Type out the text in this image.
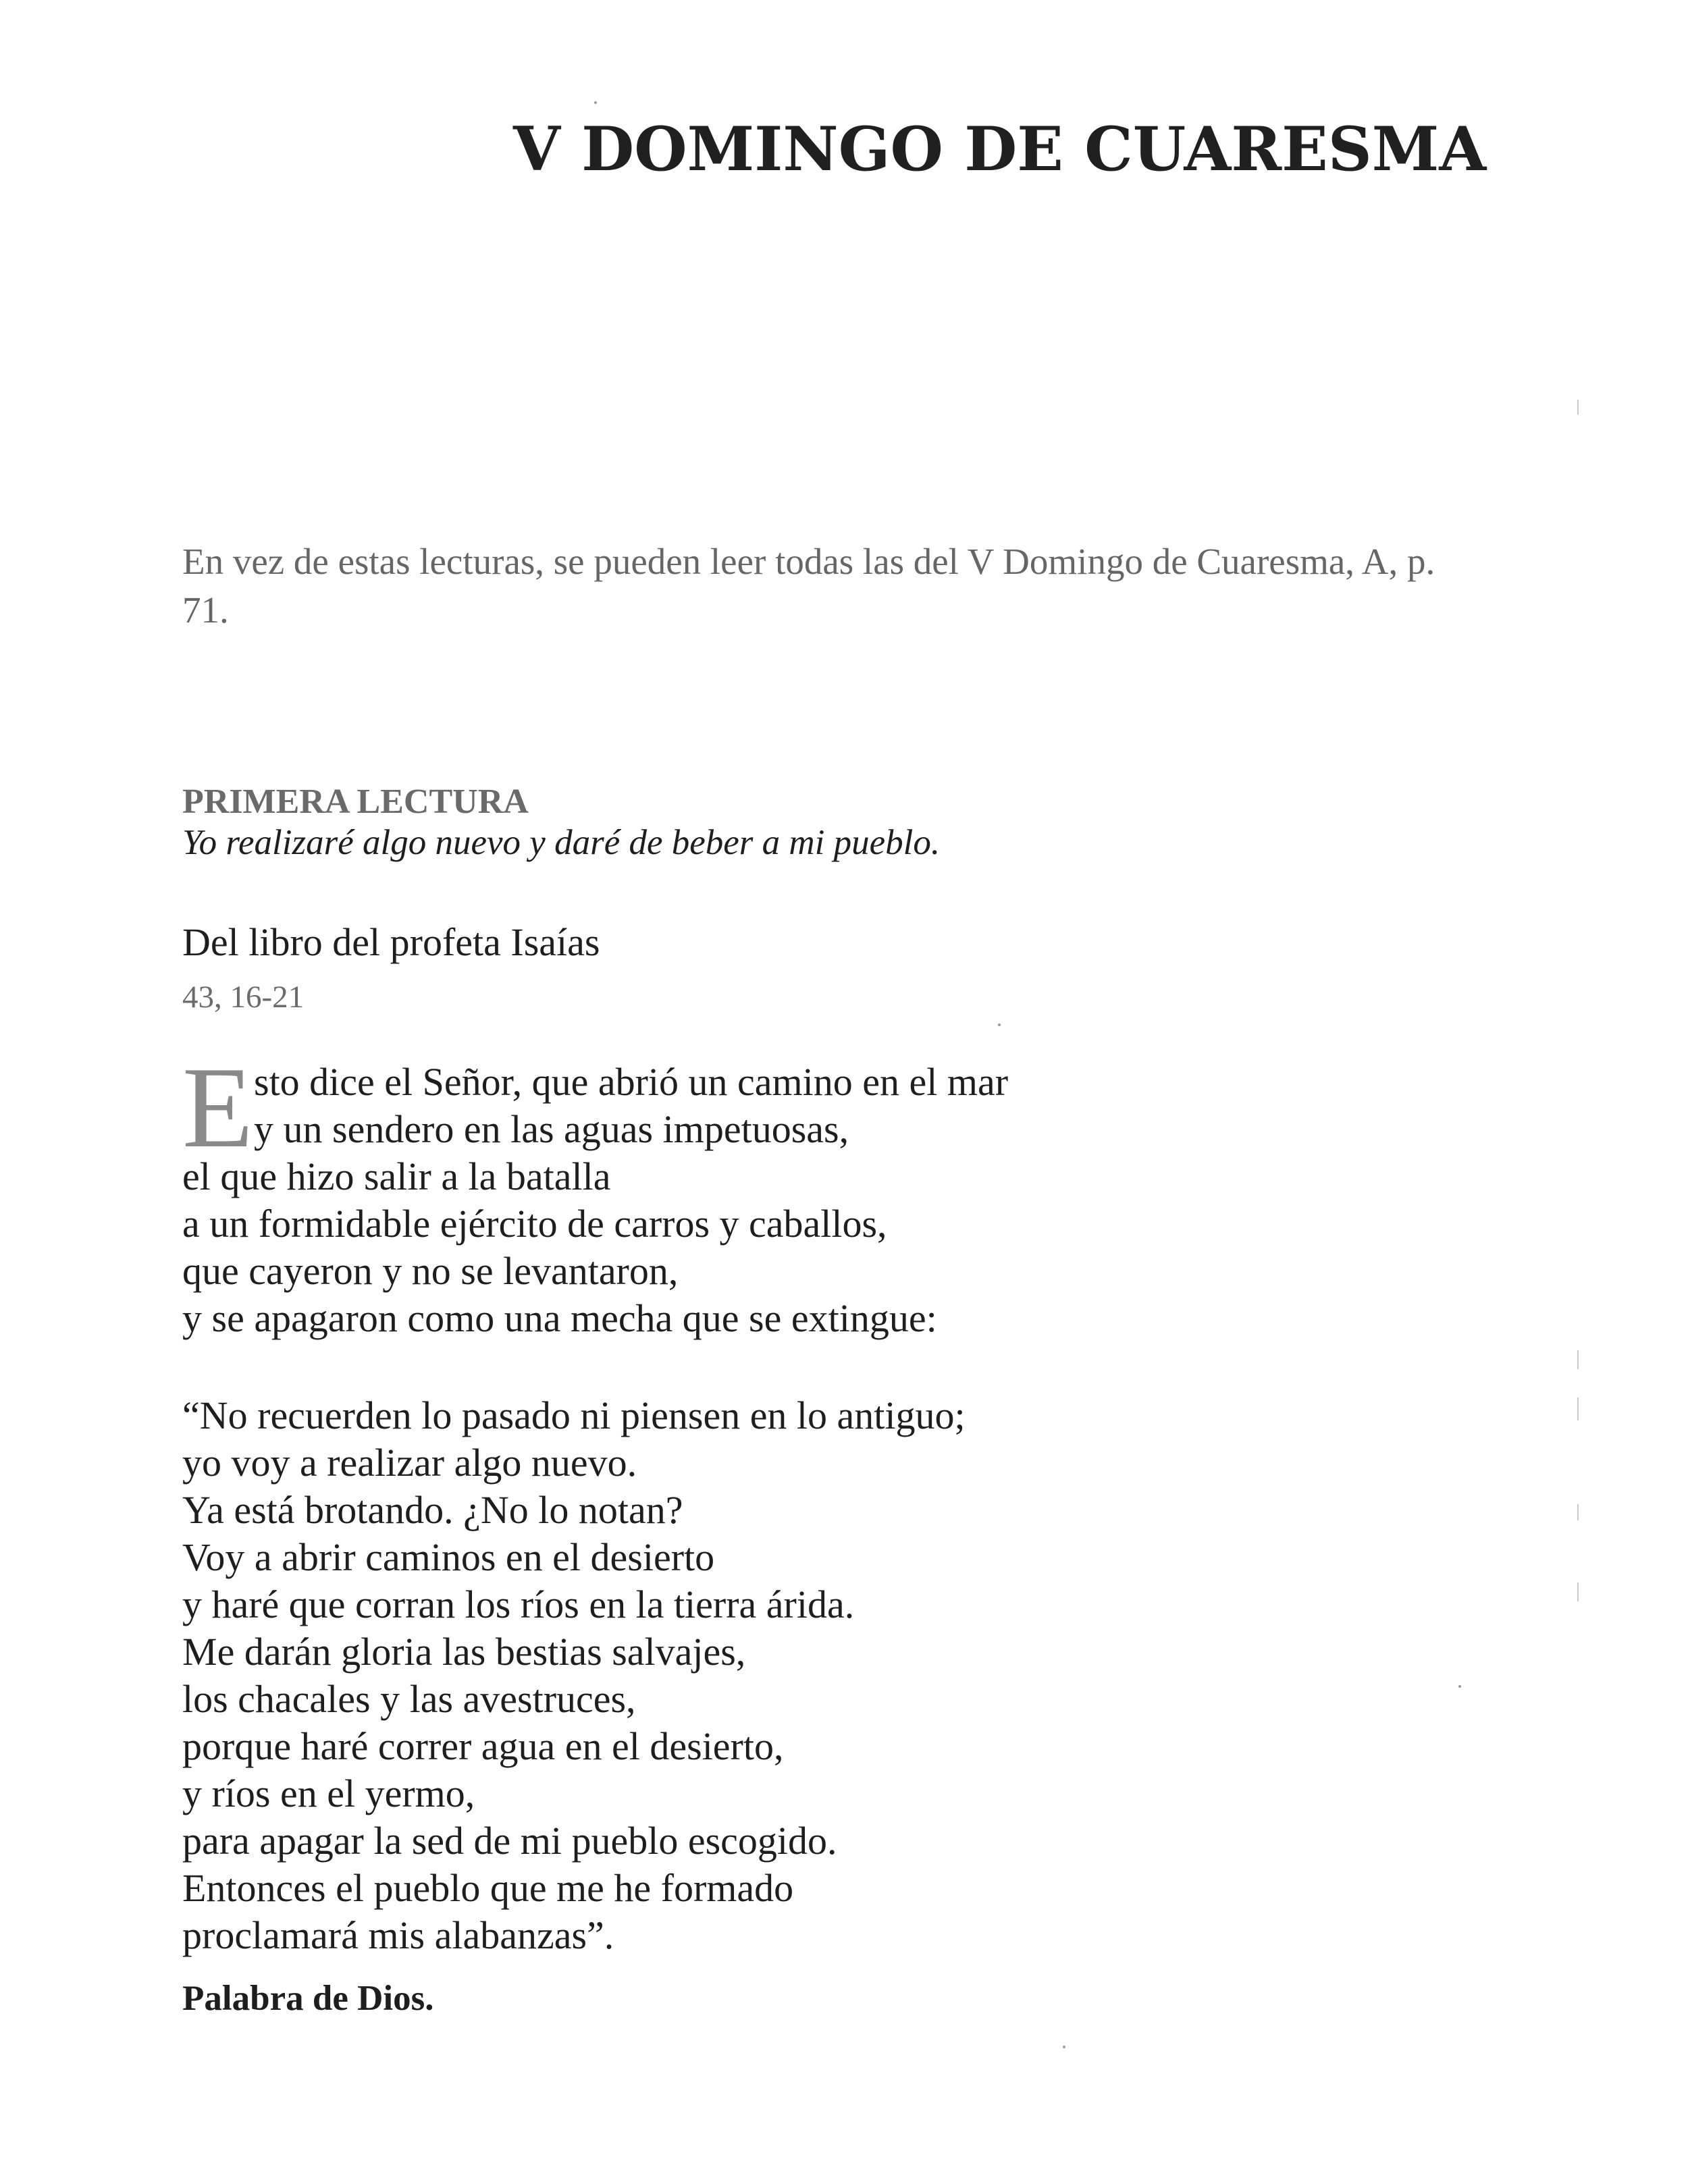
V DOMINGO DE CUARESMA

En vez de estas lecturas, se pueden leer todas las del V Domingo de Cuaresma, A, p. 71.

PRIMERA LECTURA

Yo realizaré algo nuevo y daré de beber a mi pueblo.

Del libro del profeta Isaías

43, 16-21

E sto dice el Señor, que abrió un camino en el mar
y un sendero en las aguas impetuosas,
el que hizo salir a la batalla
a un formidable ejército de carros y caballos,
que cayeron y no se levantaron,
y se apagaron como una mecha que se extingue:
“No recuerden lo pasado ni piensen en lo antiguo;
yo voy a realizar algo nuevo.
Ya está brotando. ¿No lo notan?
Voy a abrir caminos en el desierto
y haré que corran los ríos en la tierra árida.
Me darán gloria las bestias salvajes,
los chacales y las avestruces,
porque haré correr agua en el desierto,
y ríos en el yermo,
para apagar la sed de mi pueblo escogido.
Entonces el pueblo que me he formado
proclamará mis alabanzas”.

Palabra de Dios.
